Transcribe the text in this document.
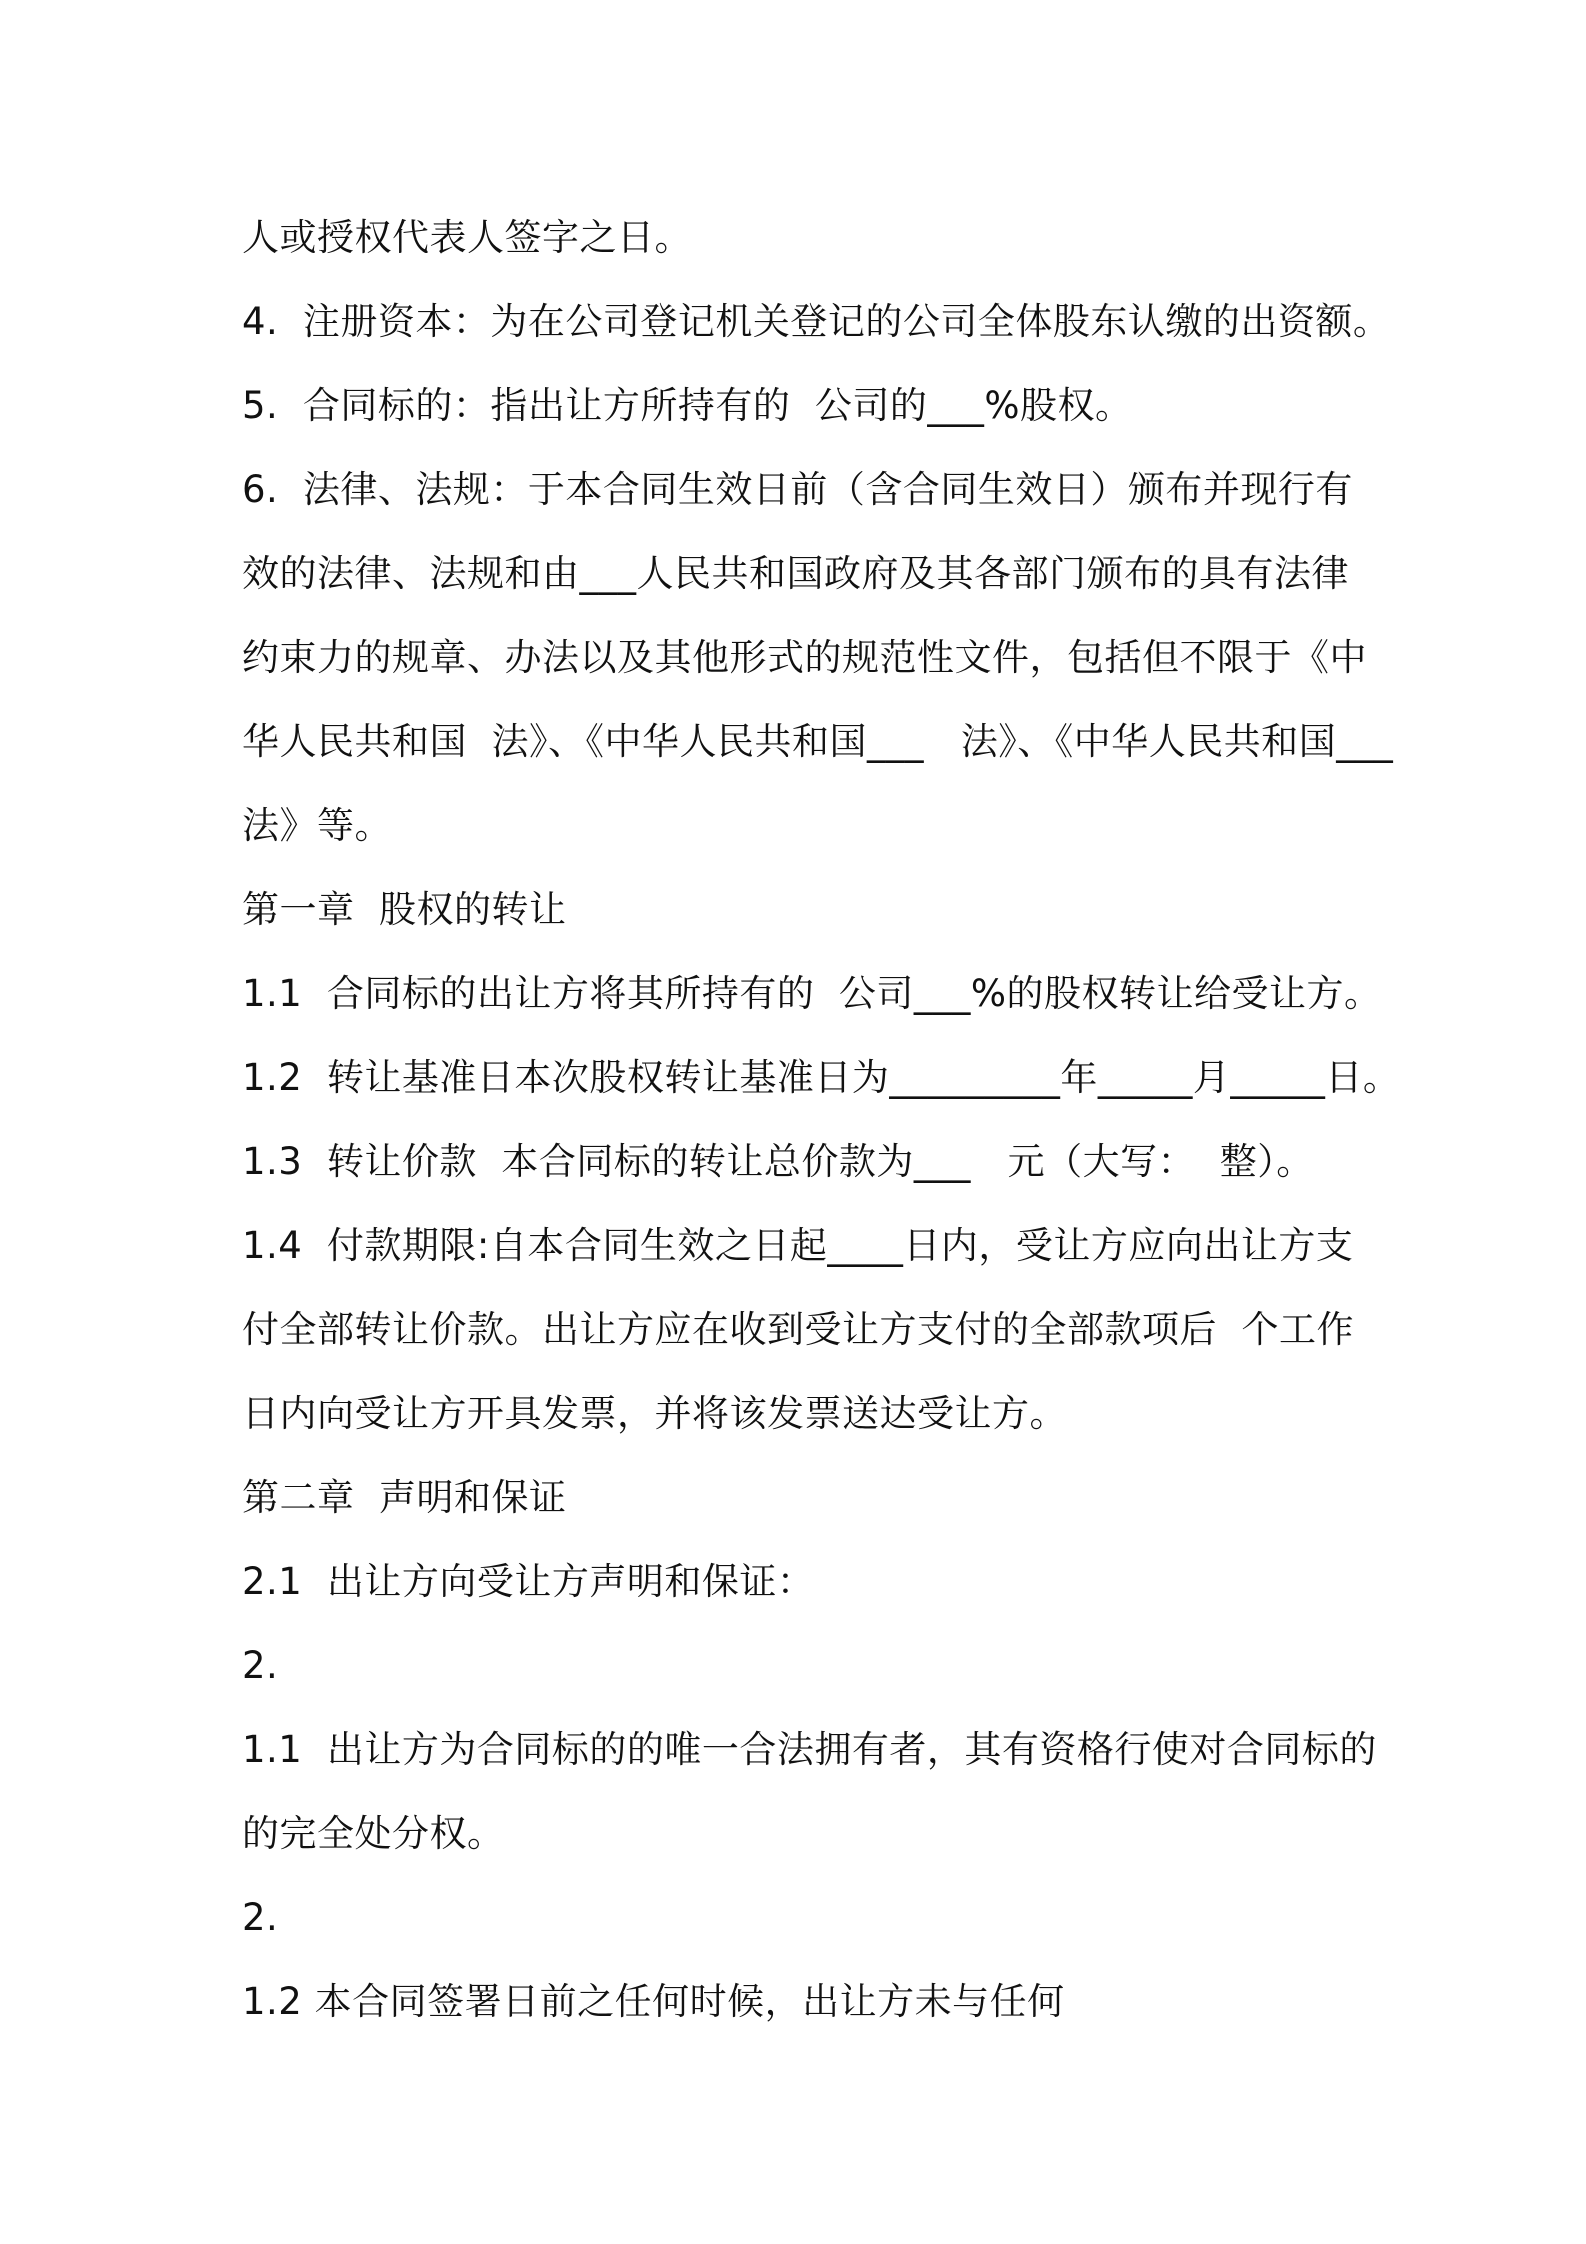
人或授权代表人签字之日。
4.  注册资本：为在公司登记机关登记的公司全体股东认缴的出资额。
5.  合同标的：指出让方所持有的  公司的___%股权。
6.  法律、法规：于本合同生效日前（含合同生效日）颁布并现行有
效的法律、法规和由___人民共和国政府及其各部门颁布的具有法律
约束力的规章、办法以及其他形式的规范性文件，包括但不限于《中
华人民共和国  法》、《中华人民共和国___   法》、《中华人民共和国___
法》等。
第一章  股权的转让
1.1  合同标的出让方将其所持有的  公司___%的股权转让给受让方。
1.2  转让基准日本次股权转让基准日为_________年_____月_____日。
1.3  转让价款  本合同标的转让总价款为___   元（大写：  整）。
1.4  付款期限:自本合同生效之日起____日内，受让方应向出让方支
付全部转让价款。出让方应在收到受让方支付的全部款项后  个工作
日内向受让方开具发票，并将该发票送达受让方。
第二章  声明和保证
2.1  出让方向受让方声明和保证：
2.
1.1  出让方为合同标的的唯一合法拥有者，其有资格行使对合同标的
的完全处分权。
2.
1.2 本合同签署日前之任何时候，出让方未与任何
